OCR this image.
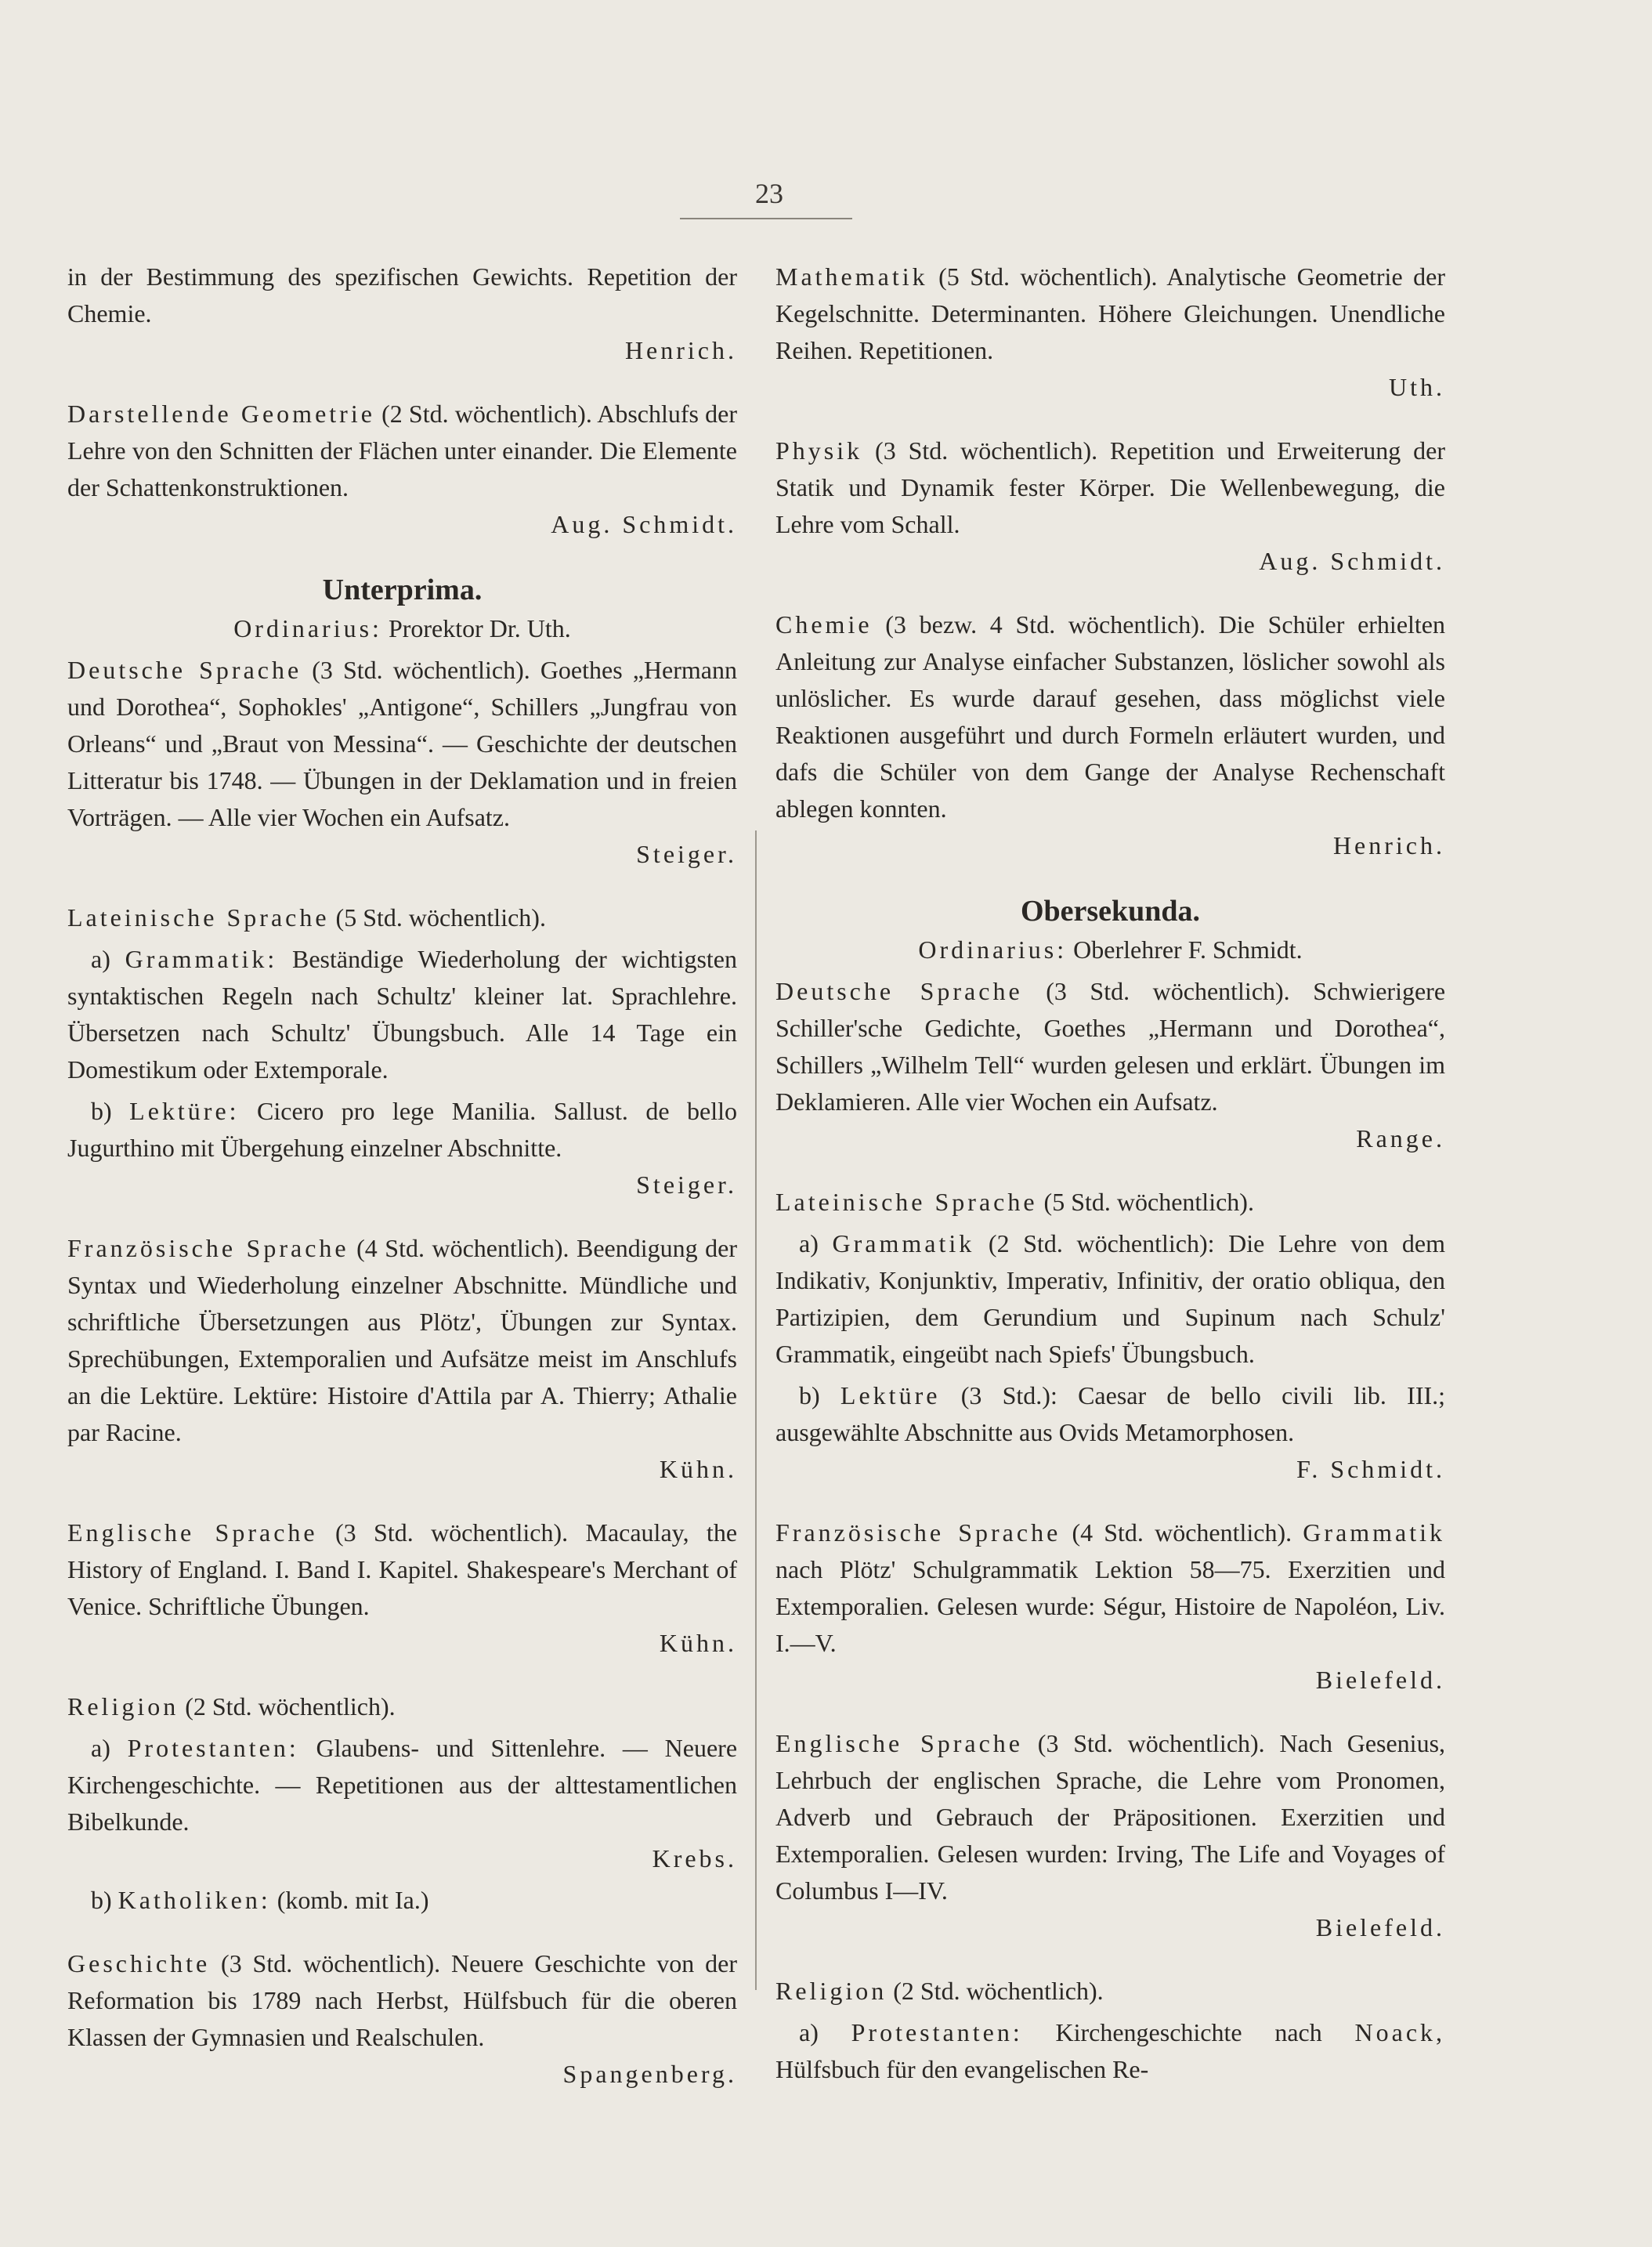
23
in der Bestimmung des spezifischen Gewichts. Repetition der Chemie.
Henrich.
Darstellende Geometrie (2 Std. wöchentlich). Abschlufs der Lehre von den Schnitten der Flächen unter einander. Die Elemente der Schattenkonstruktionen.
Aug. Schmidt.
Unterprima.
Ordinarius: Prorektor Dr. Uth.
Deutsche Sprache (3 Std. wöchentlich). Goethes „Hermann und Dorothea“, Sophokles' „Antigone“, Schillers „Jungfrau von Orleans“ und „Braut von Messina“. — Geschichte der deutschen Litteratur bis 1748. — Übungen in der Deklamation und in freien Vorträgen. — Alle vier Wochen ein Aufsatz.
Steiger.
Lateinische Sprache (5 Std. wöchentlich).
a) Grammatik: Beständige Wiederholung der wichtigsten syntaktischen Regeln nach Schultz' kleiner lat. Sprachlehre. Übersetzen nach Schultz' Übungsbuch. Alle 14 Tage ein Domestikum oder Extemporale.
b) Lektüre: Cicero pro lege Manilia. Sallust. de bello Jugurthino mit Übergehung einzelner Abschnitte.
Steiger.
Französische Sprache (4 Std. wöchentlich). Beendigung der Syntax und Wiederholung einzelner Abschnitte. Mündliche und schriftliche Übersetzungen aus Plötz', Übungen zur Syntax. Sprechübungen, Extemporalien und Aufsätze meist im Anschlufs an die Lektüre. Lektüre: Histoire d'Attila par A. Thierry; Athalie par Racine.
Kühn.
Englische Sprache (3 Std. wöchentlich). Macaulay, the History of England. I. Band I. Kapitel. Shakespeare's Merchant of Venice. Schriftliche Übungen.
Kühn.
Religion (2 Std. wöchentlich).
a) Protestanten: Glaubens- und Sittenlehre. — Neuere Kirchengeschichte. — Repetitionen aus der alttestamentlichen Bibelkunde.
Krebs.
b) Katholiken: (komb. mit Ia.)
Geschichte (3 Std. wöchentlich). Neuere Geschichte von der Reformation bis 1789 nach Herbst, Hülfsbuch für die oberen Klassen der Gymnasien und Realschulen.
Spangenberg.
Mathematik (5 Std. wöchentlich). Analytische Geometrie der Kegelschnitte. Determinanten. Höhere Gleichungen. Unendliche Reihen. Repetitionen.
Uth.
Physik (3 Std. wöchentlich). Repetition und Erweiterung der Statik und Dynamik fester Körper. Die Wellenbewegung, die Lehre vom Schall.
Aug. Schmidt.
Chemie (3 bezw. 4 Std. wöchentlich). Die Schüler erhielten Anleitung zur Analyse einfacher Substanzen, löslicher sowohl als unlöslicher. Es wurde darauf gesehen, dass möglichst viele Reaktionen ausgeführt und durch Formeln erläutert wurden, und dafs die Schüler von dem Gange der Analyse Rechenschaft ablegen konnten.
Henrich.
Obersekunda.
Ordinarius: Oberlehrer F. Schmidt.
Deutsche Sprache (3 Std. wöchentlich). Schwierigere Schiller'sche Gedichte, Goethes „Hermann und Dorothea“, Schillers „Wilhelm Tell“ wurden gelesen und erklärt. Übungen im Deklamieren. Alle vier Wochen ein Aufsatz.
Range.
Lateinische Sprache (5 Std. wöchentlich).
a) Grammatik (2 Std. wöchentlich): Die Lehre von dem Indikativ, Konjunktiv, Imperativ, Infinitiv, der oratio obliqua, den Partizipien, dem Gerundium und Supinum nach Schulz' Grammatik, eingeübt nach Spiefs' Übungsbuch.
b) Lektüre (3 Std.): Caesar de bello civili lib. III.; ausgewählte Abschnitte aus Ovids Metamorphosen.
F. Schmidt.
Französische Sprache (4 Std. wöchentlich). Grammatik nach Plötz' Schulgrammatik Lektion 58—75. Exerzitien und Extemporalien. Gelesen wurde: Ségur, Histoire de Napoléon, Liv. I.—V.
Bielefeld.
Englische Sprache (3 Std. wöchentlich). Nach Gesenius, Lehrbuch der englischen Sprache, die Lehre vom Pronomen, Adverb und Gebrauch der Präpositionen. Exerzitien und Extemporalien. Gelesen wurden: Irving, The Life and Voyages of Columbus I—IV.
Bielefeld.
Religion (2 Std. wöchentlich).
a) Protestanten: Kirchengeschichte nach Noack, Hülfsbuch für den evangelischen Re-
